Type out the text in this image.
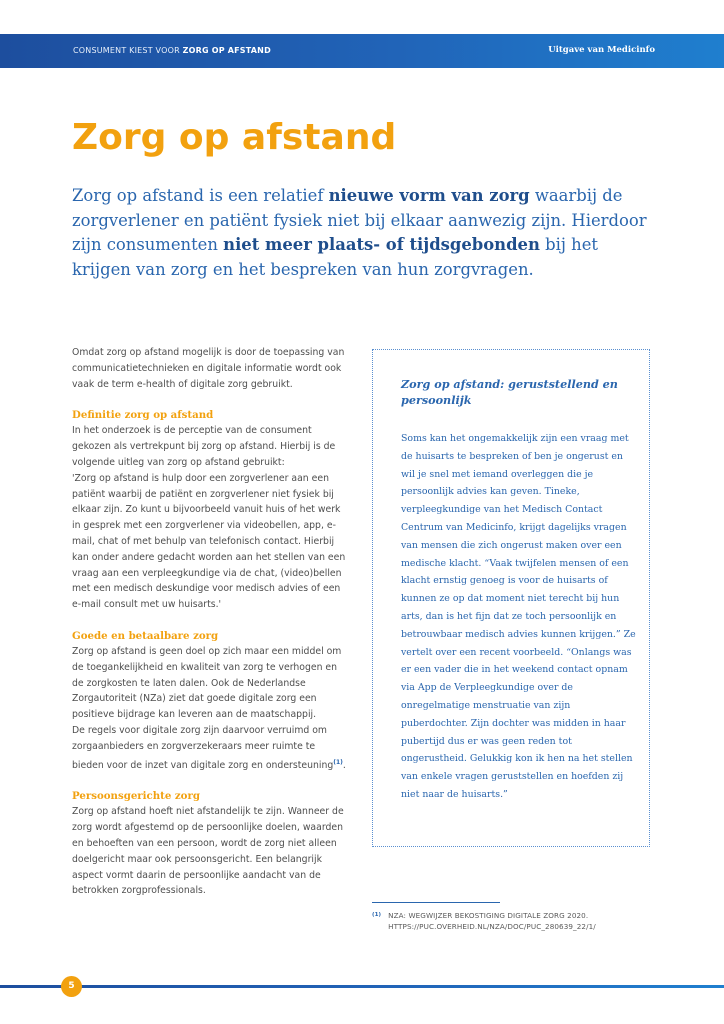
CONSUMENT KIEST VOOR ZORG OP AFSTAND	Uitgave van Medicinfo
Zorg op afstand
Zorg op afstand is een relatief nieuwe vorm van zorg waarbij de zorgverlener en patiënt fysiek niet bij elkaar aanwezig zijn. Hierdoor zijn consumenten niet meer plaats- of tijdsgebonden bij het krijgen van zorg en het bespreken van hun zorgvragen.

Omdat zorg op afstand mogelijk is door de toepassing van communicatietechnieken en digitale informatie wordt ook vaak de term e-health of digitale zorg gebruikt.

Definitie zorg op afstand

In het onderzoek is de perceptie van de consument gekozen als vertrekpunt bij zorg op afstand. Hierbij is de volgende uitleg van zorg op afstand gebruikt:

'Zorg op afstand is hulp door een zorgverlener aan een patiënt waarbij de patiënt en zorgverlener niet fysiek bij elkaar zijn. Zo kunt u bijvoorbeeld vanuit huis of het werk in gesprek met een zorgverlener via videobellen, app, e-mail, chat of met behulp van telefonisch contact. Hierbij kan onder andere gedacht worden aan het stellen van een vraag aan een verpleegkundige via de chat, (video)bellen met een medisch deskundige voor medisch advies of een e-mail consult met uw huisarts.'

Goede en betaalbare zorg

Zorg op afstand is geen doel op zich maar een middel om de toegankelijkheid en kwaliteit van zorg te verhogen en de zorgkosten te laten dalen. Ook de Nederlandse Zorgautoriteit (NZa) ziet dat goede digitale zorg een positieve bijdrage kan leveren aan de maatschappij.

De regels voor digitale zorg zijn daarvoor verruimd om zorgaanbieders en zorgverzekeraars meer ruimte te bieden voor de inzet van digitale zorg en ondersteuning$^{(1)}$.

Persoonsgerichte zorg

Zorg op afstand hoeft niet afstandelijk te zijn. Wanneer de zorg wordt afgestemd op de persoonlijke doelen, waarden en behoeften van een persoon, wordt de zorg niet alleen doelgericht maar ook persoonsgericht. Een belangrijk aspect vormt daarin de persoonlijke aandacht van de betrokken zorgprofessionals.

Zorg op afstand: geruststellend en persoonlijk
Soms kan het ongemakkelijk zijn een vraag met de huisarts te bespreken of ben je ongerust en wil je snel met iemand overleggen die je persoonlijk advies kan geven. Tineke, verpleegkundige van het Medisch Contact Centrum van Medicinfo, krijgt dagelijks vragen van mensen die zich ongerust maken over een medische klacht. “Vaak twijfelen mensen of een klacht ernstig genoeg is voor de huisarts of kunnen ze op dat moment niet terecht bij hun arts, dan is het fijn dat ze toch persoonlijk en betrouwbaar medisch advies kunnen krijgen.” Ze vertelt over een recent voorbeeld. “Onlangs was er een vader die in het weekend contact opnam via App de Verpleegkundige over de onregelmatige menstruatie van zijn puberdochter. Zijn dochter was midden in haar pubertijd dus er was geen reden tot ongerustheid. Gelukkig kon ik hen na het stellen van enkele vragen geruststellen en hoefden zij niet naar de huisarts.”
$^{(1)}$ NZA: WEGWIJZER BEKOSTIGING DIGITALE ZORG 2020. HTTPS://PUC.OVERHEID.NL/NZA/DOC/PUC_280639_22/1/
5
